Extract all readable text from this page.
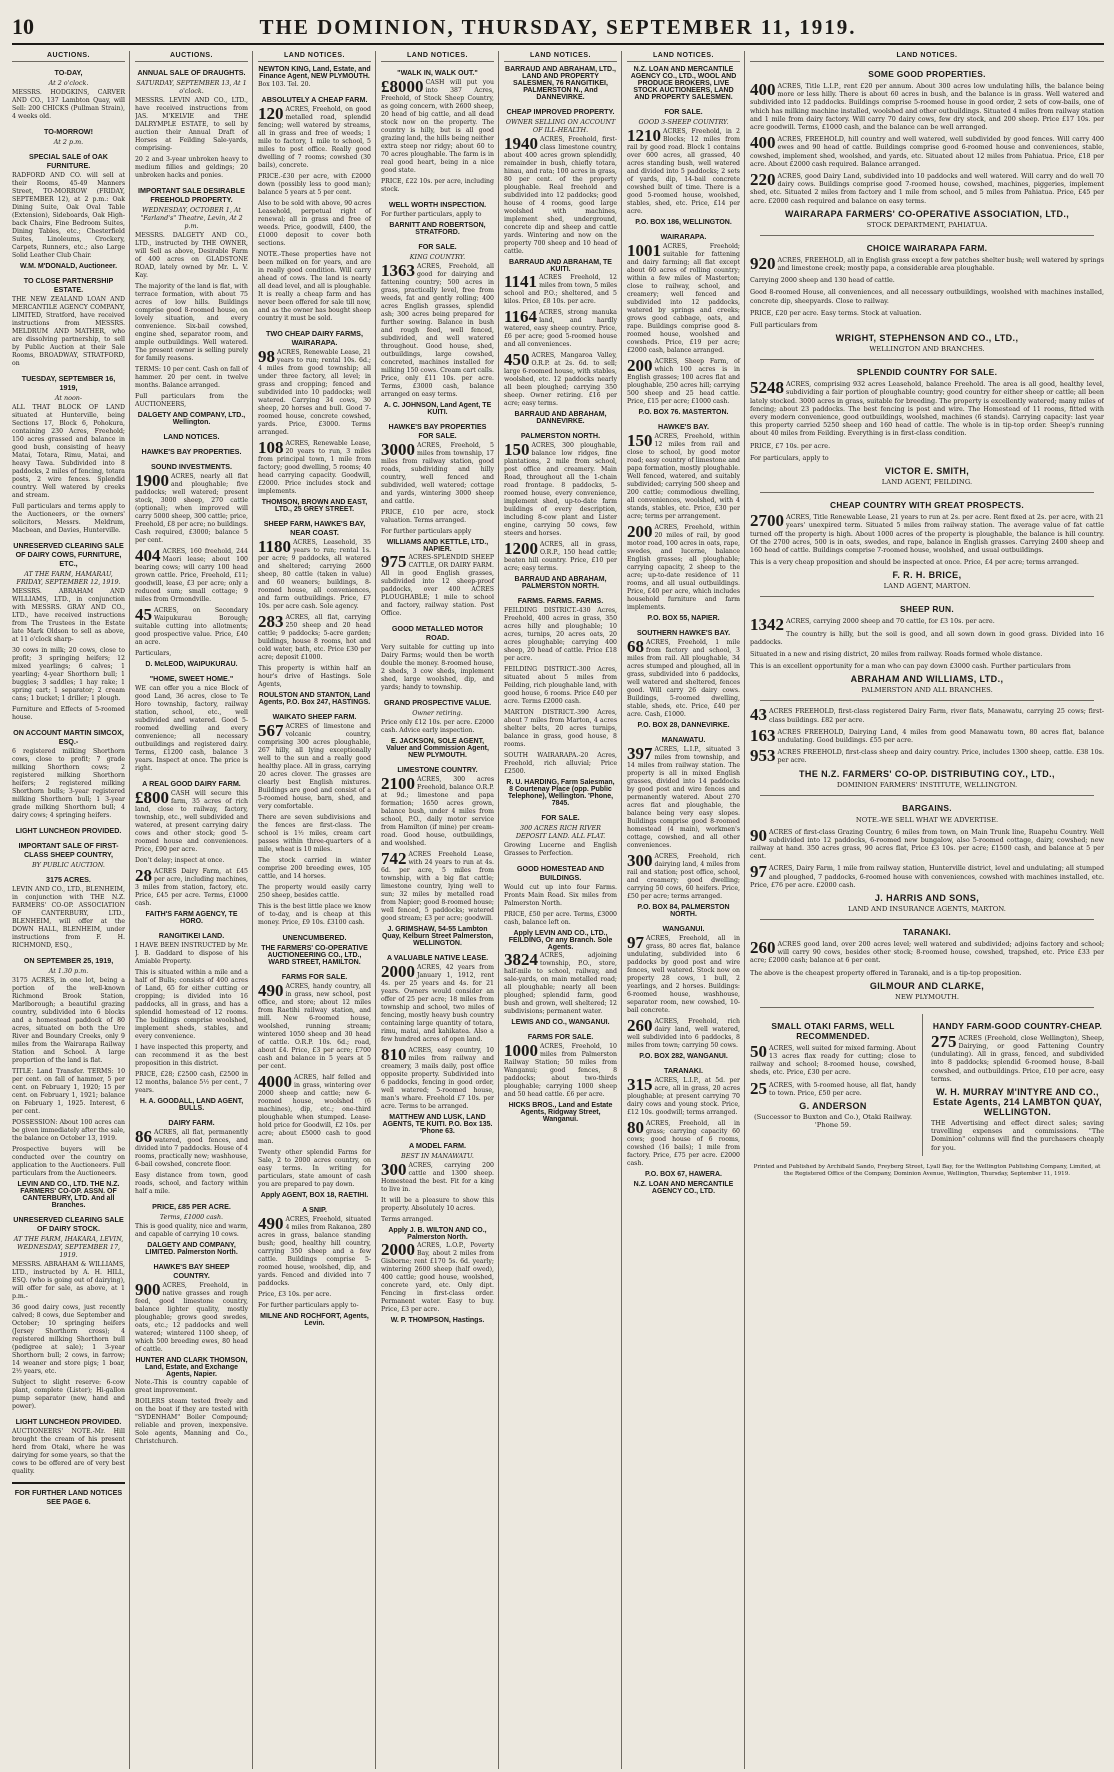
10	THE DOMINION, THURSDAY, SEPTEMBER 11, 1919.
AUCTIONS.
TO-DAY,
At 2 o'clock.
MESSRS. HODGKINS, CARVER AND CO., 137 Lambton Quay, will Sell: 200 CHICKS (Pullman Strain), 4 weeks old.
TO-MORROW!
At 2 p.m.
SPECIAL SALE of OAK FURNITURE.
RADFORD AND CO. will sell at their Rooms, 45-49 Manners Street, TO-MORROW (FRIDAY, SEPTEMBER 12), at 2 p.m.: Oak Dining Suite, Oak Oval Table (Extension), Sideboards, Oak High-back Chairs, Fine Bedroom Suites, Dining Tables, etc.; Chesterfield Suites, Linoleums, Crockery, Carpets, Runners, etc.; also Large Solid Leather Club Chair.
W.M. M'DONALD, Auctioneer.
TO CLOSE PARTNERSHIP ESTATE.
THE NEW ZEALAND LOAN AND MERCANTILE AGENCY COMPANY, LIMITED, Stratford, have received instructions from MESSRS. MELDRUM AND MATHER, who are dissolving partnership, to sell by Public Auction at their Sale Rooms, BROADWAY, STRATFORD, on
TUESDAY, SEPTEMBER 16, 1919,
At noon-
ALL THAT BLOCK OF LAND situated at Hunterville, being Sections 17, Block 6, Pohokura, containing 230 Acres, Freehold; 150 acres grassed and balance in good bush, consisting of heavy Matai, Totara, Rimu, Matai, and heavy Tawa. Subdivided into 8 paddocks, 2 miles of fencing, totara posts, 2 wire fences. Splendid country. Well watered by creeks and stream.
Full particulars and terms apply to the Auctioneers, or the owners' solicitors, Messrs. Meldrum, Macbean, and Davies, Hunterville.
UNRESERVED CLEARING SALE OF DAIRY COWS, FURNITURE, ETC.,
AT THE FARM, HAMARAU, FRIDAY, SEPTEMBER 12, 1919.
MESSRS. ABRAHAM AND WILLIAMS, LTD., in conjunction with MESSRS. GRAY AND CO., LTD., have received instructions from The Trustees in the Estate late Mark Oldson to sell as above, at 11 o'clock sharp-
30 cows in milk; 20 cows, close to profit; 3 springing heifers; 12 mixed yearlings; 6 calves; 1 yearling; 4-year Shorthorn bull; 1 buggies; 3 saddles; 1 hay rake; 1 spring cart; 1 separator; 2 cream cans; 1 bucket; 1 driller; 1 plough.
Furniture and Effects of 5-roomed house.
ON ACCOUNT MARTIN SIMCOX, ESQ.-
6 registered milking Shorthorn cows, close to profit; 7 grade milking Shorthorn cows; 2 registered milking Shorthorn heifers; 2 registered milking Shorthorn bulls; 3-year registered milking Shorthorn bull; 1 3-year grade milking Shorthorn bull; 4 dairy cows; 4 springing heifers.
LIGHT LUNCHEON PROVIDED.
IMPORTANT SALE OF FIRST-CLASS SHEEP COUNTRY,
BY PUBLIC AUCTION.
3175 ACRES.
LEVIN AND CO., LTD., BLENHEIM, in conjunction with THE N.Z. FARMERS' CO-OP. ASSOCIATION OF CANTERBURY, LTD., BLENHEIM, will offer at the DOWN HALL, BLENHEIM, under instructions from F. H. RICHMOND, ESQ.,
ON SEPTEMBER 25, 1919,
At 1.30 p.m.
3175 ACRES, in one lot, being a portion of the well-known Richmond Brook Station, Marlborough; a beautiful grazing country, subdivided into 6 blocks and a homestead paddock of 80 acres, situated on both the Ure River and Boundary Creeks, only 9 miles from the Wairarapa Railway Station and School. A large proportion of the land is flat.
TITLE: Land Transfer. TERMS: 10 per cent. on fall of hammer, 5 per cent. on February 1, 1920; 15 per cent. on February 1, 1921; balance on February 1, 1925. Interest, 6 per cent.
POSSESSION: About 100 acres can be given immediately after the sale, the balance on October 13, 1919.
Prospective buyers will be conducted over the country on application to the Auctioneers. Full particulars from the Auctioneers.
LEVIN AND CO., LTD. THE N.Z. FARMERS' CO-OP. ASSN. OF CANTERBURY, LTD. And all Branches.
UNRESERVED CLEARING SALE OF DAIRY STOCK.
AT THE FARM, IHAKARA, LEVIN, WEDNESDAY, SEPTEMBER 17, 1919.
MESSRS. ABRAHAM & WILLIAMS, LTD., instructed by A. H. HILL, ESQ. (who is going out of dairying), will offer for sale, as above, at 1 p.m.-
36 good dairy cows, just recently calved; 8 cows, due September and October; 10 springing heifers (Jersey Shorthorn cross); 4 registered milking Shorthorn bull (pedigree at sale); 1 3-year Shorthorn bull; 2 cows, in farrow; 14 weaner and store pigs; 1 boar, 2½ years, etc.
Subject to slight reserve: 6-cow plant, complete (Lister); Hi-gallon pump separator (new, hand and power).
LIGHT LUNCHEON PROVIDED.
AUCTIONEERS' NOTE.-Mr. Hill brought the cream of his present herd from Otaki, where he was dairying for some years, so that the cows to be offered are of very best quality.
FOR FURTHER LAND NOTICES SEE PAGE 6.
AUCTIONS.
ANNUAL SALE OF DRAUGHTS.
SATURDAY, SEPTEMBER 13, At 1 o'clock.
MESSRS. LEVIN AND CO., LTD., have received instructions from JAS. M'KELVIE and THE DALRYMPLE ESTATE, to sell by auction their Annual Draft of Horses at Feilding Sale-yards, comprising-
20 2 and 3-year unbroken heavy to medium fillies and geldings; 20 unbroken hacks and ponies.
IMPORTANT SALE DESIRABLE FREEHOLD PROPERTY.
WEDNESDAY, OCTOBER 1, At "Farland's" Theatre, Levin, At 2 p.m.
MESSRS. DALGETY AND CO., LTD., instructed by THE OWNER, will Sell as above, Desirable Farm of 400 acres on GLADSTONE ROAD, lately owned by Mr. L. V. Kay.
The majority of the land is flat, with terrace formation, with about 75 acres of low hills. Buildings comprise good 8-roomed house, on lovely situation, and every convenience. Six-bail cowshed, engine shed, separator room, and ample outbuildings. Well watered. The present owner is selling purely for family reasons.
TERMS: 10 per cent. Cash on fall of hammer. 20 per cent. in twelve months. Balance arranged.
Full particulars from the AUCTIONEERS,
DALGETY AND COMPANY, LTD., Wellington.
LAND NOTICES.
HAWKE'S BAY PROPERTIES.
SOUND INVESTMENTS.
1900 ACRES, nearly all flat and ploughable; five paddocks; well watered; present stock, 3000 sheep, 270 cattle (optional); when improved will carry 5000 sheep, 300 cattle; price, Freehold, £8 per acre; no buildings. Cash required, £3000; balance 5 per cent.
404 ACRES, 160 freehold, 244 Maori lease; about 100 bearing cows; will carry 100 head grown cattle. Price, Freehold, £11; goodwill, lease, £3 per acre; only a reduced sum; small cottage; 9 miles from Ormondville.
45 ACRES, on Secondary Waipukurau Borough; suitable cutting into allotments; good prospective value. Price, £40 an acre.
Particulars,
D. McLEOD, WAIPUKURAU.
"HOME, SWEET HOME."
WE can offer you a nice Block of good Land, 36 acres, close to Te Horo township, factory, railway station, school, etc., well subdivided and watered. Good 5-roomed dwelling and every convenience; all necessary outbuildings and registered dairy. Terms, £1200 cash, balance 3 years. Inspect at once. The price is right.
A REAL GOOD DAIRY FARM.
£800 CASH will secure this farm, 35 acres of rich land, close to railway, factory, township, etc., well subdivided and watered, at present carrying dairy cows and other stock; good 5-roomed house and conveniences. Price, £90 per acre.
Don't delay; inspect at once.
28 ACRES Dairy Farm, at £45 per acre, including machines, 3 miles from station, factory, etc. Price, £45 per acre. Terms, £1000 cash.
FAITH'S FARM AGENCY, TE HORO.
RANGITIKEI LAND.
I HAVE BEEN INSTRUCTED by Mr. J. B. Gaddard to dispose of his Amiable Property.
This is situated within a mile and a half of Bulls; consists of 400 acres of Land, 65 for either cutting or cropping; is divided into 16 paddocks, all in grass, and has a splendid homestead of 12 rooms. The buildings comprise woolshed, implement sheds, stables, and every convenience.
I have inspected this property, and can recommend it as the best proposition in this district.
PRICE, £28; £2500 cash, £2500 in 12 months, balance 5½ per cent., 7 years.
H. A. GOODALL, LAND AGENT, BULLS.
DAIRY FARM.
86 ACRES, all flat, permanently watered, good fences, and divided into 7 paddocks. House of 4 rooms, practically new; washhouse, 6-bail cowshed, concrete floor.
Easy distance from town, good roads, school, and factory within half a mile.
PRICE, £85 PER ACRE.
Terms, £1000 cash.
This is good quality, nice and warm, and capable of carrying 10 cows.
DALGETY AND COMPANY, LIMITED. Palmerston North.
HAWKE'S BAY SHEEP COUNTRY.
900 ACRES, Freehold, in native grasses and rough feed, good limestone country, balance lighter quality, mostly ploughable; grows good swedes, oats, etc.; 12 paddocks and well watered; wintered 1100 sheep, of which 500 breeding ewes, 80 head of cattle.
HUNTER AND CLARK THOMSON, Land, Estate, and Exchange Agents, Napier.
Note.-This is country capable of great improvement.
BOILERS steam tested freely and on the boat if they are tested with "SYDENHAM" Boiler Compound; reliable and proven, inexpensive. Sole agents, Manning and Co., Christchurch.
LAND NOTICES.
NEWTON KING, Land, Estate, and Finance Agent, NEW PLYMOUTH.
Box 103. Tel. 20.
ABSOLUTELY A CHEAP FARM.
120 ACRES, Freehold, on good metalled road, splendid fencing; well watered by streams, all in grass and free of weeds; 1 mile to factory, 1 mile to school, 5 miles to post office. Really good dwelling of 7 rooms; cowshed (30 bails), concrete.
PRICE.-£30 per acre, with £2000 down (possibly less to good man); balance 5 years at 5 per cent.
Also to be sold with above, 90 acres Leasehold, perpetual right of renewal; all in grass and free of weeds. Price, goodwill, £400, the £1000 deposit to cover both sections.
NOTE.-These properties have not been milked on for years, and are in really good condition. Will carry ahead of cows. The land is nearly all dead level, and all is ploughable. It is really a cheap farm and has never been offered for sale till now, and as the owner has bought sheep country it must be sold.
TWO CHEAP DAIRY FARMS, WAIRARAPA.
98 ACRES, Renewable Lease, 21 years to run; rental 10s. 6d.; 4 miles from good township; all under three factory, all level; in grass and cropping; fenced and subdivided into 10 paddocks; well watered. Carrying 34 cows, 30 sheep, 20 horses and bull. Good 7-roomed house, concrete cowshed, yards. Price, £3000. Terms arranged.
108 ACRES, Renewable Lease, 20 years to run, 3 miles from principal town, 1 mile from factory; good dwelling, 5 rooms; 40 head carrying capacity. Goodwill, £2000. Price includes stock and implements.
THOMSON, BROWN AND EAST, LTD., 25 GREY STREET.
SHEEP FARM, HAWKE'S BAY, NEAR COAST.
1180 ACRES, Leasehold, 35 years to run; rental 1s. per acre; 9 paddocks, all watered and sheltered; carrying 2600 sheep, 80 cattle (taken in value) and 60 weaners; buildings, 8-roomed house, all conveniences, and farm outbuildings. Price, £7 10s. per acre cash. Sole agency.
283 ACRES, all flat, carrying 250 sheep and 20 head cattle; 9 paddocks; 5-acre garden; buildings, house 8 rooms, hot and cold water, bath, etc. Price £30 per acre; deposit £1000.
This property is within half an hour's drive of Hastings. Sole Agents,
ROULSTON AND STANTON, Land Agents, P.O. Box 247, HASTINGS.
WAIKATO SHEEP FARM.
567 ACRES of limestone and volcanic country, comprising 300 acres ploughable, 267 hilly, all lying exceptionally well to the sun and a really good healthy place. All in grass, carrying 20 acres clover. The grasses are clearly best English mixtures. Buildings are good and consist of a 5-roomed house, barn, shed, and very comfortable.
There are seven subdivisions and the fences are first-class. The school is 1½ miles, cream cart passes within three-quarters of a mile, wheat is 10 miles.
The stock carried in winter comprise 200 breeding ewes, 105 cattle, and 14 horses.
The property would easily carry 250 sheep, besides cattle.
This is the best little place we know of to-day, and is cheap at this money. Price, £9 10s. £3100 cash.
UNENCUMBERED.
THE FARMERS' CO-OPERATIVE AUCTIONEERING CO., LTD., WARD STREET, HAMILTON.
FARMS FOR SALE.
490 ACRES, handy country, all in grass, new school, post office, and store; about 12 miles from Raetihi railway station, and mill. New 6-roomed house, woolshed, running stream; wintered 1050 sheep and 30 head of cattle. O.R.P. 10s. 6d.; road, about £4. Price, £3 per acre; £700 cash and balance in 5 years at 5 per cent.
4000 ACRES, half felled and in grass, wintering over 2000 sheep and cattle; new 6-roomed house, woolshed (6 machines), dip, etc.; one-third ploughable when stumped. Lease-hold price for Goodwill, £2 10s. per acre; about £5000 cash to good man.
Twenty other splendid Farms for Sale, 2 to 2000 acres country, on easy terms. In writing for particulars, state amount of cash you are prepared to pay down.
Apply AGENT, BOX 18, RAETIHI.
A SNIP.
490 ACRES, Freehold, situated 4 miles from Rakanoa, 280 acres in grass, balance standing bush; good, healthy hill country, carrying 350 sheep and a few cattle. Buildings comprise 5-roomed house, woolshed, dip, and yards. Fenced and divided into 7 paddocks.
Price, £3 10s. per acre.
For further particulars apply to-
MILNE AND ROCHFORT, Agents, Levin.
LAND NOTICES.
"WALK IN, WALK OUT."
£8000 CASH will put you into 387 Acres, Freehold, of Stock Sheep Country, as going concern, with 2600 sheep, 20 head of big cattle, and all dead stock now on the property. The country is hilly, but is all good grazing land, the hills being neither extra steep nor ridgy; about 60 to 70 acres ploughable. The farm is in real good heart, being in a nice good state.
PRICE, £22 10s. per acre, including stock.
WELL WORTH INSPECTION.
For further particulars, apply to
BARNITT AND ROBERTSON, STRATFORD.
FOR SALE.
KING COUNTRY.
1363 ACRES, Freehold, all good for dairying and fattening country; 500 acres in grass, practically level, free from weeds, fat and gently rolling; 400 acres English grasses, splendid ash; 300 acres being prepared for further sowing. Balance in bush and rough feed, well fenced, subdivided, and well watered throughout. Good house, shed, outbuildings, large cowshed, concreted, machines installed for milking 150 cows. Cream cart calls. Price, only £11 10s. per acre. Terms, £3000 cash, balance arranged on easy terms.
A. C. JOHNSON, Land Agent, TE KUITI.
HAWKE'S BAY PROPERTIES FOR SALE.
3000 ACRES, Freehold, 5 miles from township, 17 miles from railway station, good roads, subdividing and hilly country, well fenced and subdivided, well watered; cottage and yards, wintering 3000 sheep and cattle.
PRICE, £10 per acre, stock valuation. Terms arranged.
For further particulars apply
WILLIAMS AND KETTLE, LTD., NAPIER.
975 ACRES-SPLENDID SHEEP CATTLE, OR DAIRY FARM. All in good English grasses, subdivided into 12 sheep-proof paddocks, over 400 ACRES PLOUGHABLE; 1 mile to school and factory, railway station. Post Office.
GOOD METALLED MOTOR ROAD.
Very suitable for cutting up into Dairy Farms; would then be worth double the money. 8-roomed house, 2 sheds, 3 cow sheds, implement shed, large woolshed, dip, and yards; handy to township.
GRAND PROSPECTIVE VALUE.
Owner retiring.
Price only £12 10s. per acre. £2000 cash. Advice early inspection.
E. JACKSON, SOLE AGENT, Valuer and Commission Agent, NEW PLYMOUTH.
LIMESTONE COUNTRY.
2100 ACRES, 300 acres Freehold, balance O.R.P. at 9d.; limestone and papa formation; 1650 acres grown, balance bush, under 4 miles from school, P.O., daily motor service from Hamilton (if mine) per cream-road. Good house, outbuildings, and woolshed.
742 ACRES Freehold Lease, with 24 years to run at 4s. 6d. per acre, 5 miles from township, with a big flat cattle; limestone country, lying well to sun; 32 miles by metalled road from Napier; good 8-roomed house; well fenced, 5 paddocks; watered good stream; £3 per acre; goodwill.
J. GRIMSHAW, 54-55 Lambton Quay, Kelburn Street Palmerston, WELLINGTON.
A VALUABLE NATIVE LEASE.
2000 ACRES, 42 years from January 1, 1912, rent 4s. per 25 years and 4s. for 21 years. Owners would consider an offer of 25 per acre; 18 miles from township and school, two miles of fencing, mostly heavy bush country containing large quantity of totara, rimu, matai, and kahikatea. Also a few hundred acres of open land.
810 ACRES, easy country, 10 miles from railway and creamery, 3 mails daily, post office opposite property. Subdivided into 6 paddocks, fencing in good order, well watered; 5-roomed house, man's whare. Freehold £7 10s. per acre. Terms to be arranged.
MATTHEW AND LUSK, LAND AGENTS, TE KUITI. P.O. Box 135. 'Phone 63.
A MODEL FARM.
BEST IN MANAWATU.
300 ACRES, carrying 200 cattle and 1300 sheep. Homestead the best. Fit for a king to live in.
It will be a pleasure to show this property. Absolutely 10 acres.
Terms arranged.
Apply J. B. WILTON AND CO., Palmerston North.
2000 ACRES, L.O.P., Poverty Bay, about 2 miles from Gisborne; rent £170 5s. 6d. yearly; wintering 2600 sheep (half owed), 400 cattle; good house, woolshed, concrete yard, etc. Only dipt. Fencing in first-class order. Permanent water. Easy to buy. Price, £3 per acre.
W. P. THOMPSON, Hastings.
LAND NOTICES.
BARRAUD AND ABRAHAM, LTD., LAND AND PROPERTY SALESMEN, 76 RANGITIKEI, PALMERSTON N., And DANNEVIRKE.
CHEAP IMPROVED PROPERTY.
OWNER SELLING ON ACCOUNT OF ILL-HEALTH.
1940 ACRES, Freehold, first-class limestone country, about 400 acres grown splendidly, remainder in bush, chiefly totara, hinau, and rata; 100 acres in grass, 80 per cent. of the property ploughable. Real freehold and subdivided into 12 paddocks; good house of 4 rooms, good large woolshed with machines, implement shed, underground, concrete dip and sheep and cattle yards. Wintering and now on the property 700 sheep and 10 head of cattle.
BARRAUD AND ABRAHAM, TE KUITI.
1141 ACRES Freehold, 12 miles from town, 5 miles school and P.O.; sheltered, and 5 kilos. Price, £8 10s. per acre.
1164 ACRES, strong manuka land, and hardly watered, easy sheep country. Price, £6 per acre; good 5-roomed house and all conveniences.
450 ACRES, Mangaroa Valley, O.R.P. at 2s. 6d. to sell; large 6-roomed house, with stables, woolshed, etc. 12 paddocks nearly all been ploughed; carrying 350 sheep. Owner retiring. £16 per acre; easy terms.
BARRAUD AND ABRAHAM, DANNEVIRKE.
PALMERSTON NORTH.
150 ACRES, 300 ploughable, balance low ridges, fine plantations, 2 mile from school, post office and creamery. Main Road, throughout all the 1-chain road frontage. 8 paddocks, 5-roomed house, every convenience, implement shed, up-to-date farm buildings of every description, including 8-cow plant and Lister engine, carrying 50 cows, few steers and horses.
1200 ACRES, all in grass, O.R.P., 150 head cattle; beaten hill country. Price, £10 per acre; easy terms.
BARRAUD AND ABRAHAM, PALMERSTON NORTH.
FARMS. FARMS. FARMS.
FEILDING DISTRICT.-430 Acres, Freehold, 400 acres in grass, 350 acres hilly and ploughable; 10 acres, turnips, 20 acres oats, 20 acres ploughable; carrying 400 sheep, 20 head of cattle. Price £18 per acre.
FEILDING DISTRICT.-300 Acres, situated about 5 miles from Feilding, rich ploughable land, with good house, 6 rooms. Price £40 per acre. Terms £2000 cash.
MARTON DISTRICT.-390 Acres, about 7 miles from Marton, 4 acres shelter belts, 20 acres turnips, balance in grass, good house, 8 rooms.
SOUTH WAIRARAPA.-20 Acres, Freehold, rich alluvial; Price £2500.
R. U. HARDING, Farm Salesman, 8 Courtenay Place (opp. Public Telephone), Wellington. 'Phone, 7845.
FOR SALE.
300 ACRES RICH RIVER DEPOSIT LAND. ALL FLAT.
Growing Lucerne and English Grasses to Perfection.
GOOD HOMESTEAD AND BUILDINGS.
Would cut up into four Farms. Fronts Main Road. Six miles from Palmerston North.
PRICE, £50 per acre. Terms, £3000 cash, balance left on.
Apply LEVIN AND CO., LTD., FEILDING, Or any Branch. Sole Agents.
3824 ACRES, adjoining township, P.O., store, half-mile to school, railway, and sale-yards, on main metalled road; all ploughable; nearly all been ploughed; splendid farm, good bush and grown, well sheltered; 12 subdivisions; permanent water.
LEWIS AND CO., WANGANUI.
FARMS FOR SALE.
1000 ACRES, Freehold, 10 miles from Palmerston Railway Station; 50 miles from Wanganui; good fences, 8 paddocks; about two-thirds ploughable; carrying 1000 sheep and 50 head cattle. £6 per acre.
HICKS BROS., Land and Estate Agents, Ridgway Street, Wanganui.
LAND NOTICES.
N.Z. LOAN AND MERCANTILE AGENCY CO., LTD., WOOL AND PRODUCE BROKERS, LIVE STOCK AUCTIONEERS, LAND AND PROPERTY SALESMEN.
FOR SALE.
GOOD 3-SHEEP COUNTRY.
1210 ACRES, Freehold, in 2 Blocks; 12 miles from rail by good road. Block 1 contains over 600 acres, all grassed, 40 acres standing bush, well watered and divided into 5 paddocks; 2 sets of yards, dip, 14-bail concrete cowshed built of time. There is a good 5-roomed house, woolshed, stables, shed, etc. Price, £14 per acre.
P.O. BOX 186, WELLINGTON.
WAIRARAPA.
1001 ACRES, Freehold; suitable for fattening and dairy farming; all flat except about 60 acres of rolling country; within a few miles of Masterton; close to railway, school, and creamery; well fenced and subdivided into 12 paddocks, watered by springs and creeks; grows good cabbage, oats, and rape. Buildings comprise good 8-roomed house, woolshed and cowsheds. Price, £19 per acre; £2000 cash, balance arranged.
200 ACRES, Sheep Farm, of which 100 acres is in English grasses; 100 acres flat and ploughable, 250 acres hill; carrying 500 sheep and 25 head cattle. Price, £15 per acre; £1000 cash.
P.O. BOX 76. MASTERTON.
HAWKE'S BAY.
150 ACRES, Freehold, within 12 miles from rail and close to school, by good motor road; easy country of limestone and papa formation, mostly ploughable. Well fenced, watered, and suitably subdivided; carrying 500 sheep and 200 cattle; commodious dwelling, all conveniences, woolshed, with 4 stands, stables, etc. Price, £30 per acre; terms per arrangement.
200 ACRES, Freehold, within 20 miles of rail, by good motor road, 100 acres in oats, rape, swedes, and lucerne, balance English grasses; all ploughable; carrying capacity, 2 sheep to the acre; up-to-date residence of 11 rooms, and all usual outbuildings. Price, £40 per acre, which includes household furniture and farm implements.
P.O. BOX 55, NAPIER.
SOUTHERN HAWKE'S BAY.
68 ACRES, Freehold, 1 mile from factory and school, 3 miles from rail. All ploughable, 34 acres stumped and ploughed, all in grass, subdivided into 6 paddocks, well watered and sheltered, fences good. Will carry 26 dairy cows. Buildings, 5-roomed dwelling, stable, sheds, etc. Price, £40 per acre. Cash, £1000.
P.O. BOX 28, DANNEVIRKE.
MANAWATU.
397 ACRES, L.I.P., situated 3 miles from township, and 14 miles from railway station. The property is all in mixed English grasses, divided into 14 paddocks by good post and wire fences and permanently watered. About 270 acres flat and ploughable, the balance being very easy slopes. Buildings comprise good 8-roomed homestead (4 main), workmen's cottage, cowshed, and all other conveniences.
300 ACRES, Freehold, rich dairying land, 4 miles from rail and station; post office, school, and creamery; good dwelling; carrying 50 cows, 60 heifers. Price, £50 per acre; terms arranged.
P.O. BOX 84, PALMERSTON NORTH.
WANGANUI.
97 ACRES, Freehold, all in grass, 80 acres flat, balance undulating, subdivided into 6 paddocks by good post and wire fences, well watered. Stock now on property 28 cows, 1 bull, 2 yearlings, and 2 horses. Buildings: 6-roomed house, washhouse, separator room, new cowshed, 10-bail concrete.
260 ACRES, Freehold, rich dairy land, well watered, well subdivided into 6 paddocks, 8 miles from town; carrying 50 cows.
P.O. BOX 282, WANGANUI.
TARANAKI.
315 ACRES, L.I.P., at 5d. per acre, all in grass, 20 acres ploughable; at present carrying 70 dairy cows and young stock. Price, £12 10s. goodwill; terms arranged.
80 ACRES, Freehold, all in grass; carrying capacity 60 cows; good house of 6 rooms, cowshed (16 bails); 1 mile from factory. Price, £75 per acre. £2000 cash.
P.O. BOX 67, HAWERA.
N.Z. LOAN AND MERCANTILE AGENCY CO., LTD.
LAND NOTICES.
SOME GOOD PROPERTIES.
400 ACRES, Title L.I.P., rent £20 per annum. About 300 acres low undulating hills, the balance being more or less hilly. There is about 60 acres in bush, and the balance is in grass. Well watered and subdivided into 12 paddocks. Buildings comprise 5-roomed house in good order, 2 sets of cow-bails, one of which has milking machine installed, woolshed and other outbuildings. Situated 4 miles from railway station and 1 mile from dairy factory. Will carry 70 dairy cows, few dry stock, and 200 sheep. Price £17 10s. per acre goodwill. Terms, £1000 cash, and the balance can be well arranged.
400 ACRES, FREEHOLD, hill country and well watered, well subdivided by good fences. Will carry 400 ewes and 90 head of cattle. Buildings comprise good 6-roomed house and conveniences, stable, cowshed, implement shed, woolshed, and yards, etc. Situated about 12 miles from Pahiatua. Price, £18 per acre. About £2000 cash required. Balance arranged.
220 ACRES, good Dairy Land, subdivided into 10 paddocks and well watered. Will carry and do well 70 dairy cows. Buildings comprise good 7-roomed house, cowshed, machines, piggeries, implement shed, etc. Situated 2 miles from factory and 1 mile from school, and 5 miles from Pahiatua. Price, £45 per acre. £2000 cash required and balance on easy terms.
WAIRARAPA FARMERS' CO-OPERATIVE ASSOCIATION, LTD.,
STOCK DEPARTMENT, PAHIATUA.
CHOICE WAIRARAPA FARM.
920 ACRES, FREEHOLD, all in English grass except a few patches shelter bush; well watered by springs and limestone creek; mostly papa, a considerable area ploughable.
Carrying 2000 sheep and 130 head of cattle.
Good 8-roomed House, all conveniences, and all necessary outbuildings, woolshed with machines installed, concrete dip, sheepyards. Close to railway.
PRICE, £20 per acre. Easy terms. Stock at valuation.
Full particulars from
WRIGHT, STEPHENSON AND CO., LTD.,
WELLINGTON AND BRANCHES.
SPLENDID COUNTRY FOR SALE.
5248 ACRES, comprising 932 acres Leasehold, balance Freehold. The area is all good, healthy level, subdividing a fair portion of ploughable country; good country for either sheep or cattle; all been lately stocked. 3000 acres in grass, suitable for breeding. The property is excellently watered; many miles of fencing; about 23 paddocks. The best fencing is post and wire. The Homestead of 11 rooms, fitted with every modern convenience, good outbuildings, woolshed, machines (6 stands). Carrying capacity: last year this property carried 5250 sheep and 160 head of cattle. The whole is in tip-top order. Sheep's running about 40 miles from Feilding. Everything is in first-class condition.
PRICE, £7 10s. per acre.
For particulars, apply to
VICTOR E. SMITH,
LAND AGENT, FEILDING.
CHEAP COUNTRY WITH GREAT PROSPECTS.
2700 ACRES, Title Renewable Lease, 21 years to run at 2s. per acre. Rent fixed at 2s. per acre, with 21 years' unexpired term. Situated 5 miles from railway station. The average value of fat cattle turned off the property is high. About 1000 acres of the property is ploughable, the balance is hill country. Of the 2700 acres, 500 is in oats, swedes, and rape, balance in English grasses. Carrying 2400 sheep and 160 head of cattle. Buildings comprise 7-roomed house, woolshed, and usual outbuildings.
This is a very cheap proposition and should be inspected at once. Price, £4 per acre; terms arranged.
F. R. H. BRICE,
LAND AGENT, MARTON.
SHEEP RUN.
1342 ACRES, carrying 2000 sheep and 70 cattle, for £3 10s. per acre.
The country is hilly, but the soil is good, and all sown down in good grass. Divided into 16 paddocks.
Situated in a new and rising district, 20 miles from railway. Roads formed whole distance.
This is an excellent opportunity for a man who can pay down £3000 cash. Further particulars from
ABRAHAM AND WILLIAMS, LTD.,
PALMERSTON AND ALL BRANCHES.
43 ACRES FREEHOLD, first-class registered Dairy Farm, river flats, Manawatu, carrying 25 cows; first-class buildings. £82 per acre.
163 ACRES FREEHOLD, Dairying Land, 4 miles from good Manawatu town, 80 acres flat, balance undulating. Good buildings. £55 per acre.
953 ACRES FREEHOLD, first-class sheep and dairy country. Price, includes 1300 sheep, cattle. £38 10s. per acre.
THE N.Z. FARMERS' CO-OP. DISTRIBUTING COY., LTD.,
DOMINION FARMERS' INSTITUTE, WELLINGTON.
BARGAINS.
NOTE.-WE SELL WHAT WE ADVERTISE.
90 ACRES of first-class Grazing Country, 6 miles from town, on Main Trunk line, Ruapehu Country. Well subdivided into 12 paddocks, 6-roomed new bungalow, also 5-roomed cottage, dairy, cowshed; new railway at hand. 350 acres grass, 90 acres flat, Price £3 10s. per acre; £1500 cash, and balance at 5 per cent.
97 ACRES, Dairy Farm, 1 mile from railway station, Hunterville district, level and undulating; all stumped and ploughed, 7 paddocks, 6-roomed house with conveniences, cowshed with machines installed, etc. Price, £76 per acre. £2000 cash.
J. HARRIS AND SONS,
LAND AND INSURANCE AGENTS, MARTON.
TARANAKI.
260 ACRES good land, over 200 acres level; well watered and subdivided; adjoins factory and school; will carry 90 cows, besides other stock; 8-roomed house, cowshed, trapshed, etc. Price £33 per acre; £2000 cash; balance at 6 per cent.
The above is the cheapest property offered in Taranaki, and is a tip-top proposition.
GILMOUR AND CLARKE,
NEW PLYMOUTH.
SMALL OTAKI FARMS, WELL RECOMMENDED.
50 ACRES, well suited for mixed farming. About 13 acres flax ready for cutting; close to railway and school; 8-roomed house, cowshed, sheds, etc. Price, £30 per acre.
25 ACRES, with 5-roomed house, all flat, handy to town. Price, £50 per acre.
G. ANDERSON
(Successor to Buxton and Co.), Otaki Railway. 'Phone 59.
HANDY FARM-GOOD COUNTRY-CHEAP.
275 ACRES (Freehold, close Wellington), Sheep, Dairying, or good Fattening Country (undulating). All in grass, fenced, and subdivided into 8 paddocks; splendid 6-roomed house, 8-bail cowshed, and outbuildings. Price, £10 per acre, easy terms.
W. H. MURRAY M'INTYRE AND CO., Estate Agents, 214 LAMBTON QUAY, WELLINGTON.
THE Advertising and effect direct sales; saving travelling expenses and commissions. "The Dominion" columns will find the purchasers cheaply for you.
Printed and Published by Archibald Sando, Freyberg Street, Lyall Bay, for the Wellington Publishing Company, Limited, at the Registered Office of the Company, Dominion Avenue, Wellington, Thursday, September 11, 1919.
